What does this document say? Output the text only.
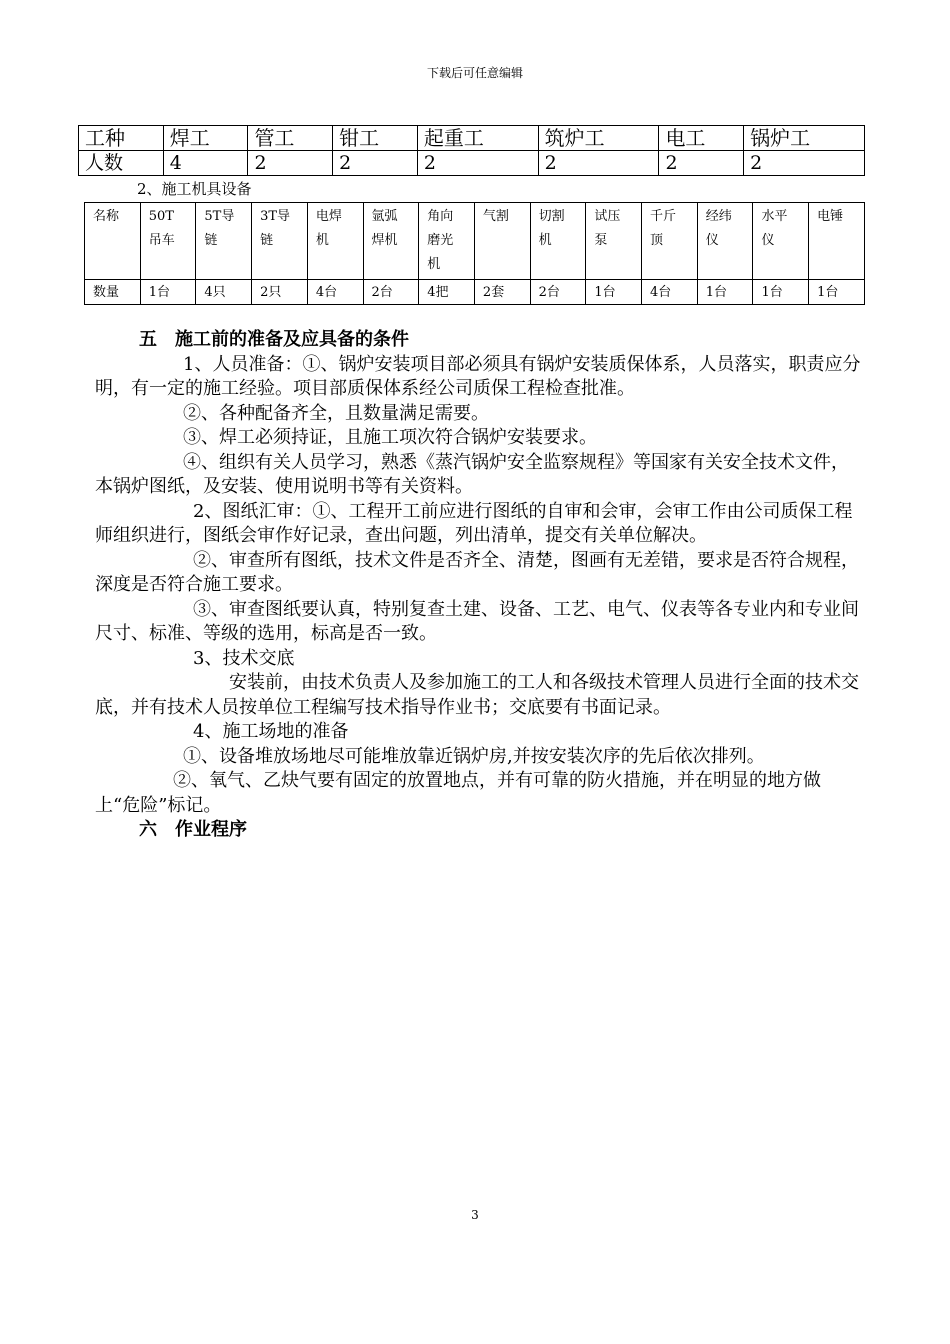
下载后可任意编辑
工种	焊工	管工	钳工	起重工	筑炉工	电工	锅炉工
人数	4	2	2	2	2	2	2
2、施工机具设备
名称	50T吊车	5T导链	3T导链	电焊机	氩弧焊机	角向磨光机	气割	切割机	试压泵	千斤顶	经纬仪	水平仪	电锤

数量	1台	4只	2只	4台	2台	4把	2套	2台	1台	4台	1台	1台	1台

五　施工前的准备及应具备的条件

1、人员准备：①、锅炉安装项目部必须具有锅炉安装质保体系，人员落实，职责应分明，有一定的施工经验。项目部质保体系经公司质保工程检查批准。

②、各种配备齐全，且数量满足需要。

③、焊工必须持证，且施工项次符合锅炉安装要求。

④、组织有关人员学习，熟悉《蒸汽锅炉安全监察规程》等国家有关安全技术文件，本锅炉图纸，及安装、使用说明书等有关资料。

2、图纸汇审：①、工程开工前应进行图纸的自审和会审，会审工作由公司质保工程师组织进行，图纸会审作好记录，查出问题，列出清单，提交有关单位解决。

②、审查所有图纸，技术文件是否齐全、清楚，图画有无差错，要求是否符合规程，深度是否符合施工要求。

③、审查图纸要认真，特别复查土建、设备、工艺、电气、仪表等各专业内和专业间尺寸、标准、等级的选用，标高是否一致。

3、技术交底

安装前，由技术负责人及参加施工的工人和各级技术管理人员进行全面的技术交底，并有技术人员按单位工程编写技术指导作业书；交底要有书面记录。

4、施工场地的准备

①、设备堆放场地尽可能堆放靠近锅炉房,并按安装次序的先后依次排列。

②、氧气、乙炔气要有固定的放置地点，并有可靠的防火措施，并在明显的地方做上“危险”标记。

六　作业程序

3
